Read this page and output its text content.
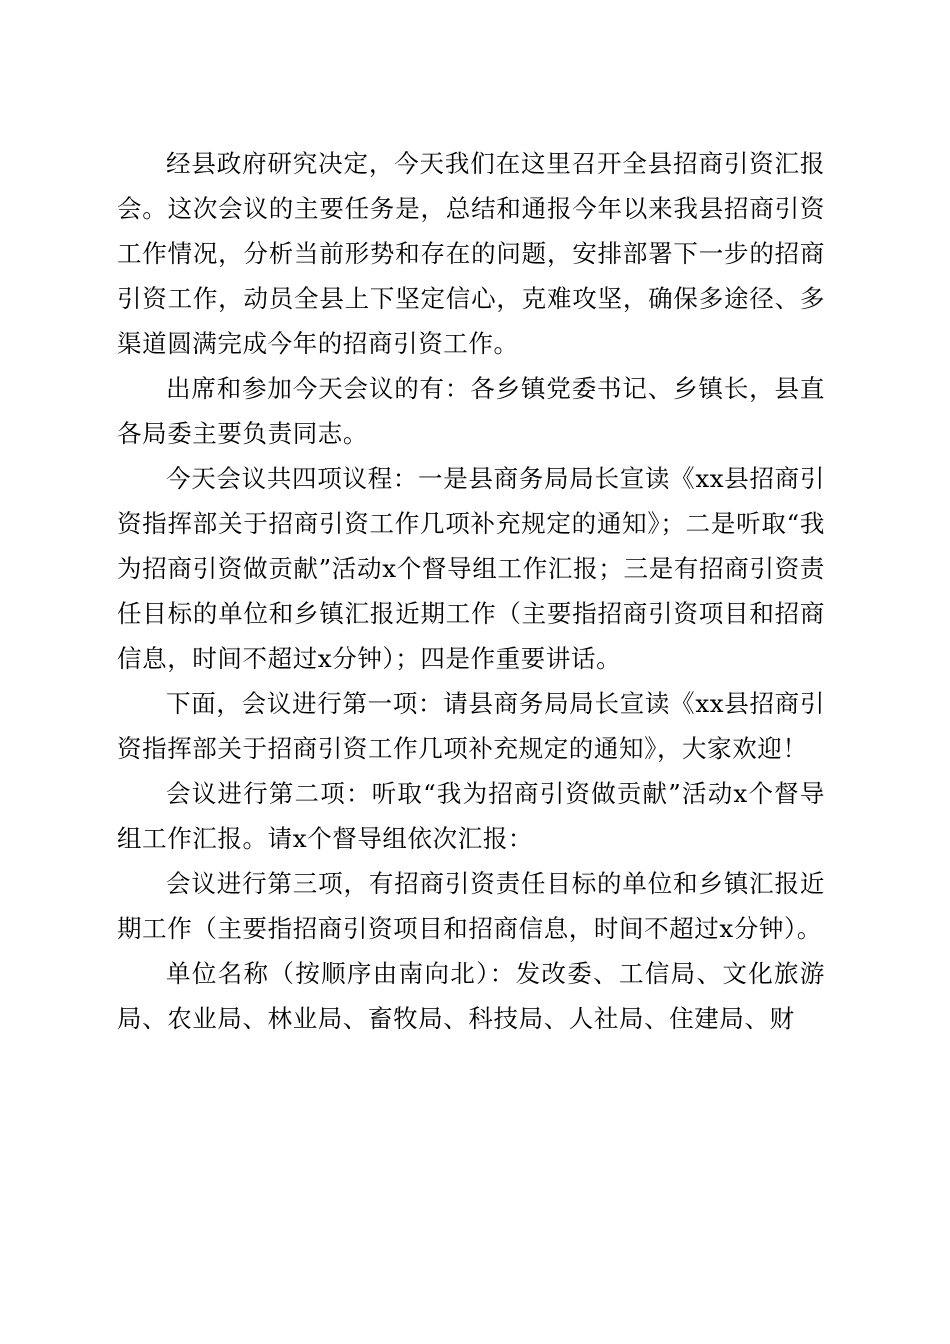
经县政府研究决定，今天我们在这里召开全县招商引资汇报会。这次会议的主要任务是，总结和通报今年以来我县招商引资工作情况，分析当前形势和存在的问题，安排部署下一步的招商引资工作，动员全县上下坚定信心，克难攻坚，确保多途径、多渠道圆满完成今年的招商引资工作。

出席和参加今天会议的有：各乡镇党委书记、乡镇长，县直各局委主要负责同志。

今天会议共四项议程：一是县商务局局长宣读《xx县招商引资指挥部关于招商引资工作几项补充规定的通知》；二是听取“我为招商引资做贡献”活动x个督导组工作汇报；三是有招商引资责任目标的单位和乡镇汇报近期工作（主要指招商引资项目和招商信息，时间不超过x分钟）；四是作重要讲话。

下面，会议进行第一项：请县商务局局长宣读《xx县招商引资指挥部关于招商引资工作几项补充规定的通知》，大家欢迎！

会议进行第二项：听取“我为招商引资做贡献”活动x个督导组工作汇报。请x个督导组依次汇报：

会议进行第三项，有招商引资责任目标的单位和乡镇汇报近期工作（主要指招商引资项目和招商信息，时间不超过x分钟）。

单位名称（按顺序由南向北）：发改委、工信局、文化旅游局、农业局、林业局、畜牧局、科技局、人社局、住建局、财
